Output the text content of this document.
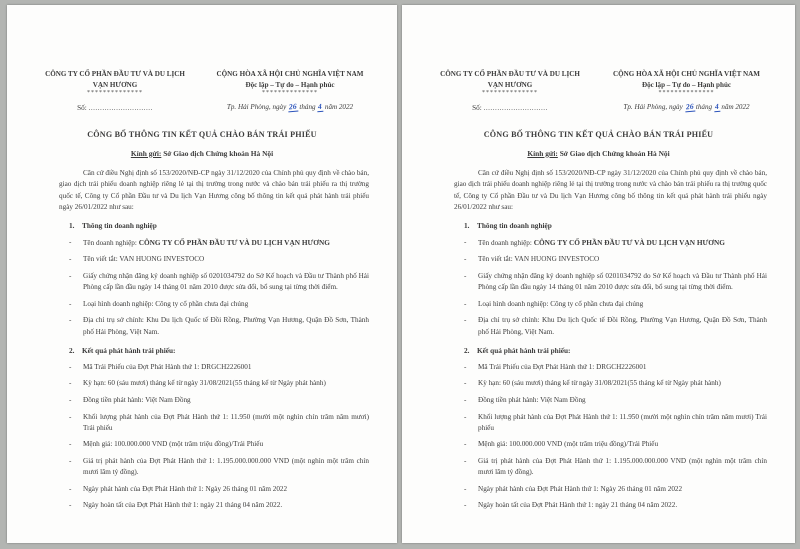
CÔNG TY CỔ PHẦN ĐẦU TƯ VÀ DU LỊCH
VẠN HƯƠNG
**************
Số: ............................
CỘNG HÒA XÃ HỘI CHỦ NGHĨA VIỆT NAM
Độc lập – Tự do – Hạnh phúc
**************
Tp. Hải Phòng, ngày 26 tháng 4 năm 2022
CÔNG BỐ THÔNG TIN KẾT QUẢ CHÀO BÁN TRÁI PHIẾU
Kính gửi: Sở Giao dịch Chứng khoán Hà Nội

Căn cứ điều Nghị định số 153/2020/NĐ-CP ngày 31/12/2020 của Chính phủ quy định về chào bán, giao dịch trái phiếu doanh nghiệp riêng lẻ tại thị trường trong nước và chào bán trái phiếu ra thị trường quốc tế, Công ty Cổ phần Đầu tư và Du lịch Vạn Hương công bố thông tin kết quả phát hành trái phiếu ngày 26/01/2022 như sau:

1.	Thông tin doanh nghiệp
-	Tên doanh nghiệp: CÔNG TY CỔ PHẦN ĐẦU TƯ VÀ DU LỊCH VẠN HƯƠNG
-	Tên viết tắt: VAN HUONG INVESTOCO
-	Giấy chứng nhận đăng ký doanh nghiệp số 0201034792 do Sở Kế hoạch và Đầu tư Thành phố Hải Phòng cấp lần đầu ngày 14 tháng 01 năm 2010 được sửa đổi, bổ sung tại từng thời điểm.
-	Loại hình doanh nghiệp: Công ty cổ phần chưa đại chúng
-	Địa chỉ trụ sở chính: Khu Du lịch Quốc tế Đồi Rồng, Phường Vạn Hương, Quận Đồ Sơn, Thành phố Hải Phòng, Việt Nam.
2.	Kết quả phát hành trái phiếu:
-	Mã Trái Phiếu của Đợt Phát Hành thứ 1: DRGCH2226001
-	Kỳ hạn: 60 (sáu mươi) tháng kể từ ngày 31/08/2021(55 tháng kể từ Ngày phát hành)
-	Đồng tiền phát hành: Việt Nam Đồng
-	Khối lượng phát hành của Đợt Phát Hành thứ 1: 11.950 (mười một nghìn chín trăm năm mươi) Trái phiếu
-	Mệnh giá: 100.000.000 VND (một trăm triệu đồng)/Trái Phiếu
-	Giá trị phát hành của Đợt Phát Hành thứ 1: 1.195.000.000.000 VND (một nghìn một trăm chín mươi lăm tỷ đồng).
-	Ngày phát hành của Đợt Phát Hành thứ 1: Ngày 26 tháng 01 năm 2022
-	Ngày hoàn tất của Đợt Phát Hành thứ 1: ngày 21 tháng 04 năm 2022.
CÔNG TY CỔ PHẦN ĐẦU TƯ VÀ DU LỊCH
VẠN HƯƠNG
**************
Số: ............................
CỘNG HÒA XÃ HỘI CHỦ NGHĨA VIỆT NAM
Độc lập – Tự do – Hạnh phúc
**************
Tp. Hải Phòng, ngày 26 tháng 4 năm 2022
CÔNG BỐ THÔNG TIN KẾT QUẢ CHÀO BÁN TRÁI PHIẾU
Kính gửi: Sở Giao dịch Chứng khoán Hà Nội

Căn cứ điều Nghị định số 153/2020/NĐ-CP ngày 31/12/2020 của Chính phủ quy định về chào bán, giao dịch trái phiếu doanh nghiệp riêng lẻ tại thị trường trong nước và chào bán trái phiếu ra thị trường quốc tế, Công ty Cổ phần Đầu tư và Du lịch Vạn Hương công bố thông tin kết quả phát hành trái phiếu ngày 26/01/2022 như sau:

1.	Thông tin doanh nghiệp
-	Tên doanh nghiệp: CÔNG TY CỔ PHẦN ĐẦU TƯ VÀ DU LỊCH VẠN HƯƠNG
-	Tên viết tắt: VAN HUONG INVESTOCO
-	Giấy chứng nhận đăng ký doanh nghiệp số 0201034792 do Sở Kế hoạch và Đầu tư Thành phố Hải Phòng cấp lần đầu ngày 14 tháng 01 năm 2010 được sửa đổi, bổ sung tại từng thời điểm.
-	Loại hình doanh nghiệp: Công ty cổ phần chưa đại chúng
-	Địa chỉ trụ sở chính: Khu Du lịch Quốc tế Đồi Rồng, Phường Vạn Hương, Quận Đồ Sơn, Thành phố Hải Phòng, Việt Nam.
2.	Kết quả phát hành trái phiếu:
-	Mã Trái Phiếu của Đợt Phát Hành thứ 1: DRGCH2226001
-	Kỳ hạn: 60 (sáu mươi) tháng kể từ ngày 31/08/2021(55 tháng kể từ Ngày phát hành)
-	Đồng tiền phát hành: Việt Nam Đồng
-	Khối lượng phát hành của Đợt Phát Hành thứ 1: 11.950 (mười một nghìn chín trăm năm mươi) Trái phiếu
-	Mệnh giá: 100.000.000 VND (một trăm triệu đồng)/Trái Phiếu
-	Giá trị phát hành của Đợt Phát Hành thứ 1: 1.195.000.000.000 VND (một nghìn một trăm chín mươi lăm tỷ đồng).
-	Ngày phát hành của Đợt Phát Hành thứ 1: Ngày 26 tháng 01 năm 2022
-	Ngày hoàn tất của Đợt Phát Hành thứ 1: ngày 21 tháng 04 năm 2022.
